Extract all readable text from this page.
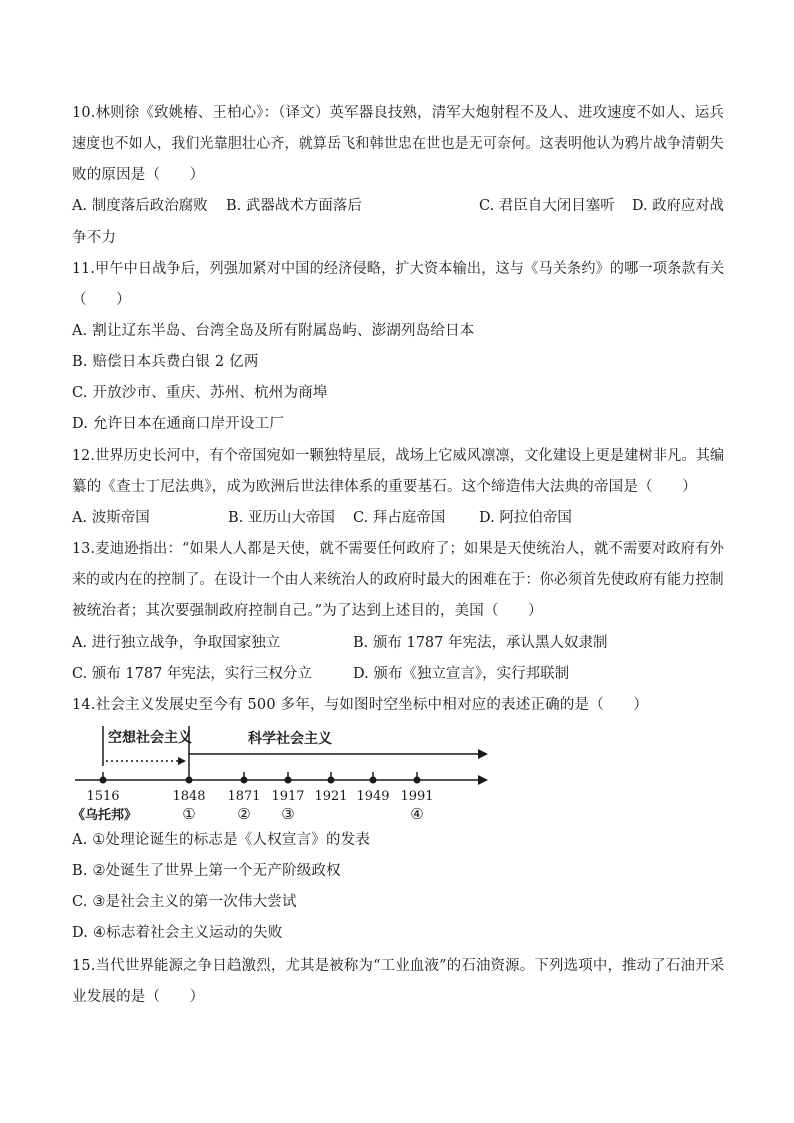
10.林则徐《致姚椿、王柏心》：（译文）英军器良技熟，清军大炮射程不及人、进攻速度不如人、运兵
速度也不如人，我们光靠胆壮心齐，就算岳飞和韩世忠在世也是无可奈何。这表明他认为鸦片战争清朝失
败的原因是（　　）
A. 制度落后政治腐败 B. 武器战术方面落后	C. 君臣自大闭目塞听 D. 政府应对战
争不力
11.甲午中日战争后，列强加紧对中国的经济侵略，扩大资本输出，这与《马关条约》的哪一项条款有关
（　　）
A. 割让辽东半岛、台湾全岛及所有附属岛屿、澎湖列岛给日本
B. 赔偿日本兵费白银 2 亿两
C. 开放沙市、重庆、苏州、杭州为商埠
D. 允许日本在通商口岸开设工厂
12.世界历史长河中，有个帝国宛如一颗独特星辰，战场上它威风凛凛，文化建设上更是建树非凡。其编
纂的《查士丁尼法典》，成为欧洲后世法律体系的重要基石。这个缔造伟大法典的帝国是（　　）
A. 波斯帝国	B. 亚历山大帝国 C. 拜占庭帝国 D. 阿拉伯帝国
13.麦迪逊指出：“如果人人都是天使，就不需要任何政府了；如果是天使统治人，就不需要对政府有外
来的或内在的控制了。在设计一个由人来统治人的政府时最大的困难在于：你必须首先使政府有能力控制
被统治者；其次要强制政府控制自己。”为了达到上述目的，美国（　　）
A. 进行独立战争，争取国家独立	B. 颁布 1787 年宪法，承认黑人奴隶制
C. 颁布 1787 年宪法，实行三权分立	D. 颁布《独立宣言》，实行邦联制
14.社会主义发展史至今有 500 多年，与如图时空坐标中相对应的表述正确的是（　　）
空想社会主义	科学社会主义
1516	1848 1871 1917 1921 1949 1991
《乌托邦》	①	② ③	④
A. ①处理论诞生的标志是《人权宣言》的发表
B. ②处诞生了世界上第一个无产阶级政权
C. ③是社会主义的第一次伟大尝试
D. ④标志着社会主义运动的失败
15.当代世界能源之争日趋激烈，尤其是被称为“工业血液”的石油资源。下列选项中，推动了石油开采
业发展的是（　　）
